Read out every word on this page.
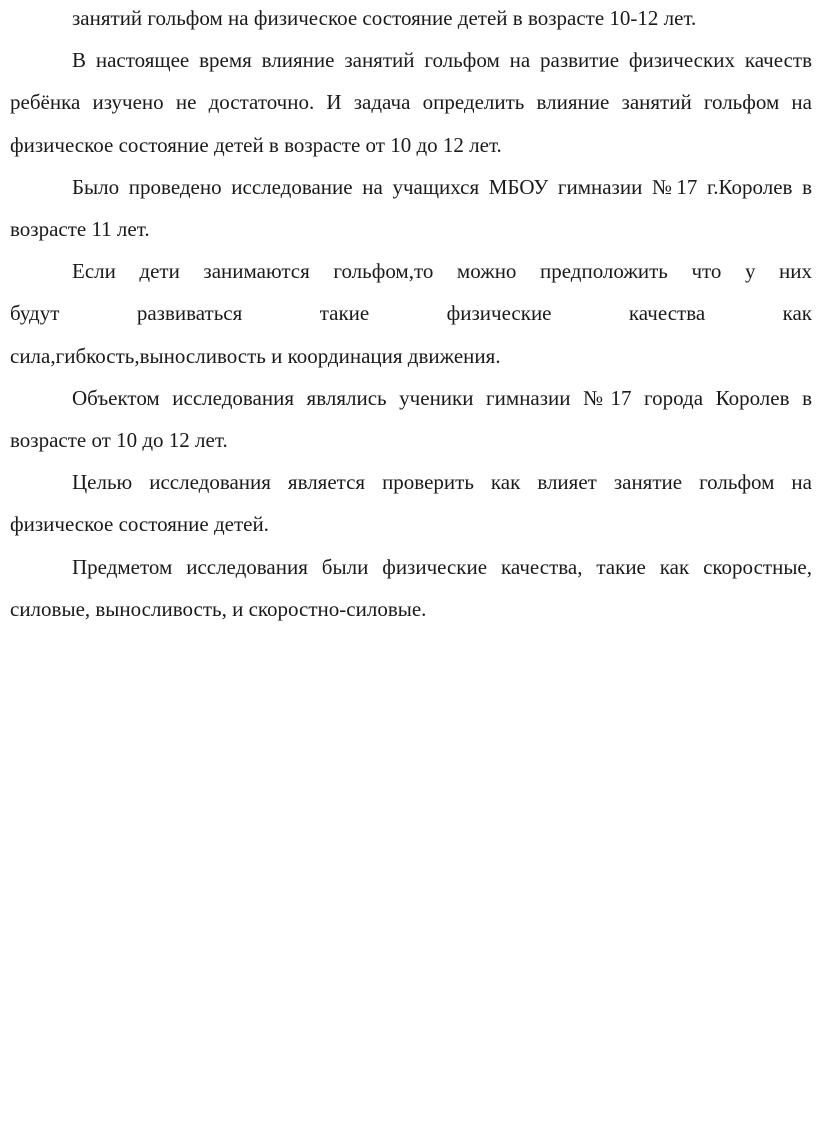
занятий гольфом на физическое состояние детей в возрасте 10-12 лет.

В настоящее время влияние занятий гольфом на развитие физических качеств ребёнка изучено не достаточно. И задача определить влияние занятий гольфом на физическое состояние детей в возрасте от 10 до 12 лет.

Было проведено исследование на учащихся МБОУ гимназии №17 г.Королев в возрасте 11 лет.

Если дети занимаются гольфом,то можно предположить что у них
будут развиваться такие физические качества как
сила,гибкость,выносливость и координация движения.

Объектом исследования являлись ученики гимназии №17 города Королев в возрасте от 10 до 12 лет.

Целью исследования является проверить как влияет занятие гольфом на физическое состояние детей.

Предметом исследования были физические качества, такие как скоростные, силовые, выносливость, и скоростно-силовые.
